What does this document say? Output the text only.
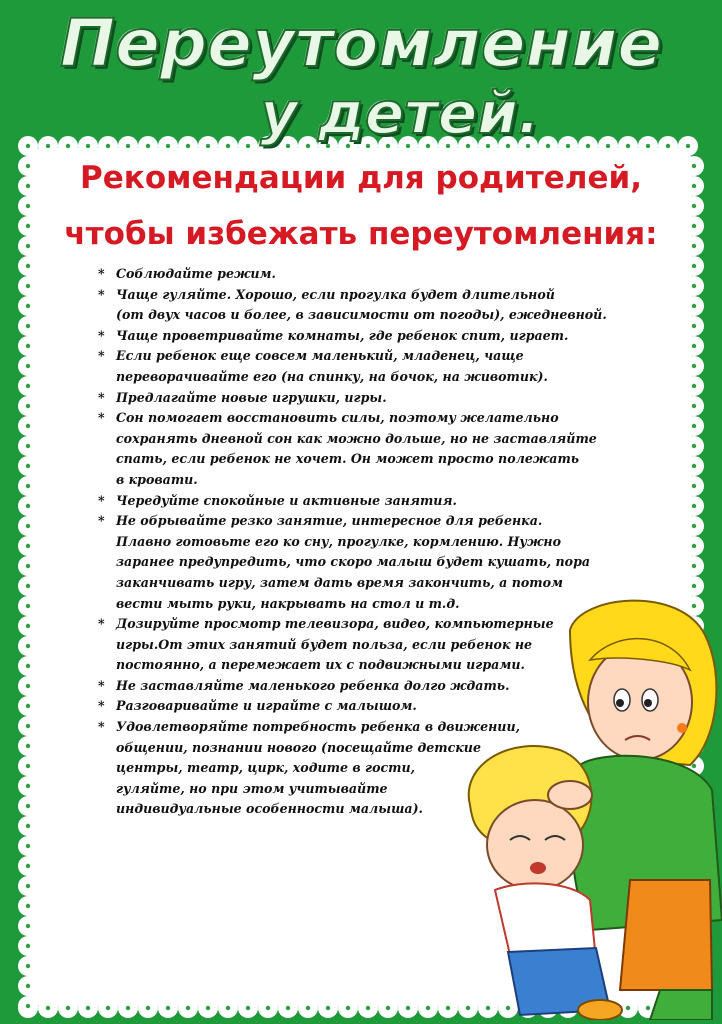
Переутомление
у детей.
Рекомендации для родителей,
чтобы избежать переутомления:
* Соблюдайте режим.
* Чаще гуляйте. Хорошо, если прогулка будет длительной
(от двух часов и более, в зависимости от погоды), ежедневной.
* Чаще проветривайте комнаты, где ребенок спит, играет.
* Если ребенок еще совсем маленький, младенец, чаще
переворачивайте его (на спинку, на бочок, на животик).
* Предлагайте новые игрушки, игры.
* Сон помогает восстановить силы, поэтому желательно
сохранять дневной сон как можно дольше, но не заставляйте
спать, если ребенок не хочет. Он может просто полежать
в кровати.
* Чередуйте спокойные и активные занятия.
* Не обрывайте резко занятие, интересное для ребенка.
Плавно готовьте его ко сну, прогулке, кормлению. Нужно
заранее предупредить, что скоро малыш будет кушать, пора
заканчивать игру, затем дать время закончить, а потом
вести мыть руки, накрывать на стол и т.д.
* Дозируйте просмотр телевизора, видео, компьютерные
игры.От этих занятий будет польза, если ребенок не
постоянно, а перемежает их с подвижными играми.
* Не заставляйте маленького ребенка долго ждать.
* Разговаривайте и играйте с малышом.
* Удовлетворяйте потребность ребенка в движении,
общении, познании нового (посещайте детские
центры, театр, цирк, ходите в гости,
гуляйте, но при этом учитывайте
индивидуальные особенности малыша).
